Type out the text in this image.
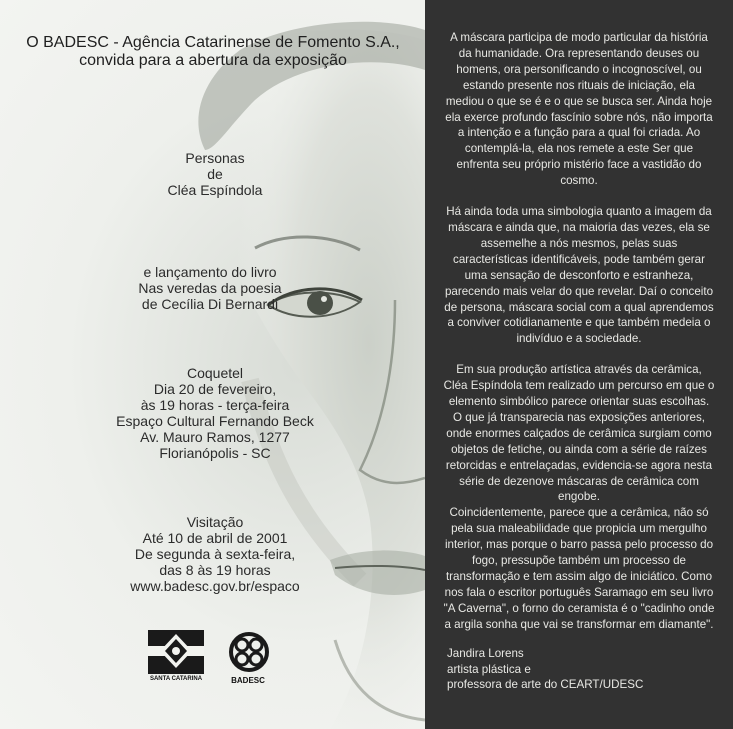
O BADESC - Agência Catarinense de Fomento S.A.,
convida para a abertura da exposição
Personas
de
Cléa Espíndola
e lançamento do livro
Nas veredas da poesia
de Cecília Di Bernardi
Coquetel
Dia 20 de fevereiro,
às 19 horas - terça-feira
Espaço Cultural Fernando Beck
Av. Mauro Ramos, 1277
Florianópolis - SC
Visitação
Até 10 de abril de 2001
De segunda à sexta-feira,
das 8 às 19 horas
www.badesc.gov.br/espaco
SANTA CATARINA	BADESC

A máscara participa de modo particular da história da humanidade. Ora representando deuses ou homens, ora personificando o incognoscível, ou estando presente nos rituais de iniciação, ela mediou o que se é e o que se busca ser. Ainda hoje ela exerce profundo fascínio sobre nós, não importa a intenção e a função para a qual foi criada. Ao contemplá-la, ela nos remete a este Ser que enfrenta seu próprio mistério face a vastidão do cosmo.

Há ainda toda uma simbologia quanto a imagem da máscara e ainda que, na maioria das vezes, ela se assemelhe a nós mesmos, pelas suas características identificáveis, pode também gerar uma sensação de desconforto e estranheza, parecendo mais velar do que revelar. Daí o conceito de persona, máscara social com a qual aprendemos a conviver cotidianamente e que também medeia o indivíduo e a sociedade.

Em sua produção artística através da cerâmica, Cléa Espíndola tem realizado um percurso em que o elemento simbólico parece orientar suas escolhas. O que já transparecia nas exposições anteriores, onde enormes calçados de cerâmica surgiam como objetos de fetiche, ou ainda com a série de raízes retorcidas e entrelaçadas, evidencia-se agora nesta série de dezenove máscaras de cerâmica com engobe.

Coincidentemente, parece que a cerâmica, não só pela sua maleabilidade que propicia um mergulho interior, mas porque o barro passa pelo processo do fogo, pressupõe também um processo de transformação e tem assim algo de iniciático. Como nos fala o escritor português Saramago em seu livro "A Caverna", o forno do ceramista é o "cadinho onde a argila sonha que vai se transformar em diamante".

Jandira Lorens
artista plástica e
professora de arte do CEART/UDESC
